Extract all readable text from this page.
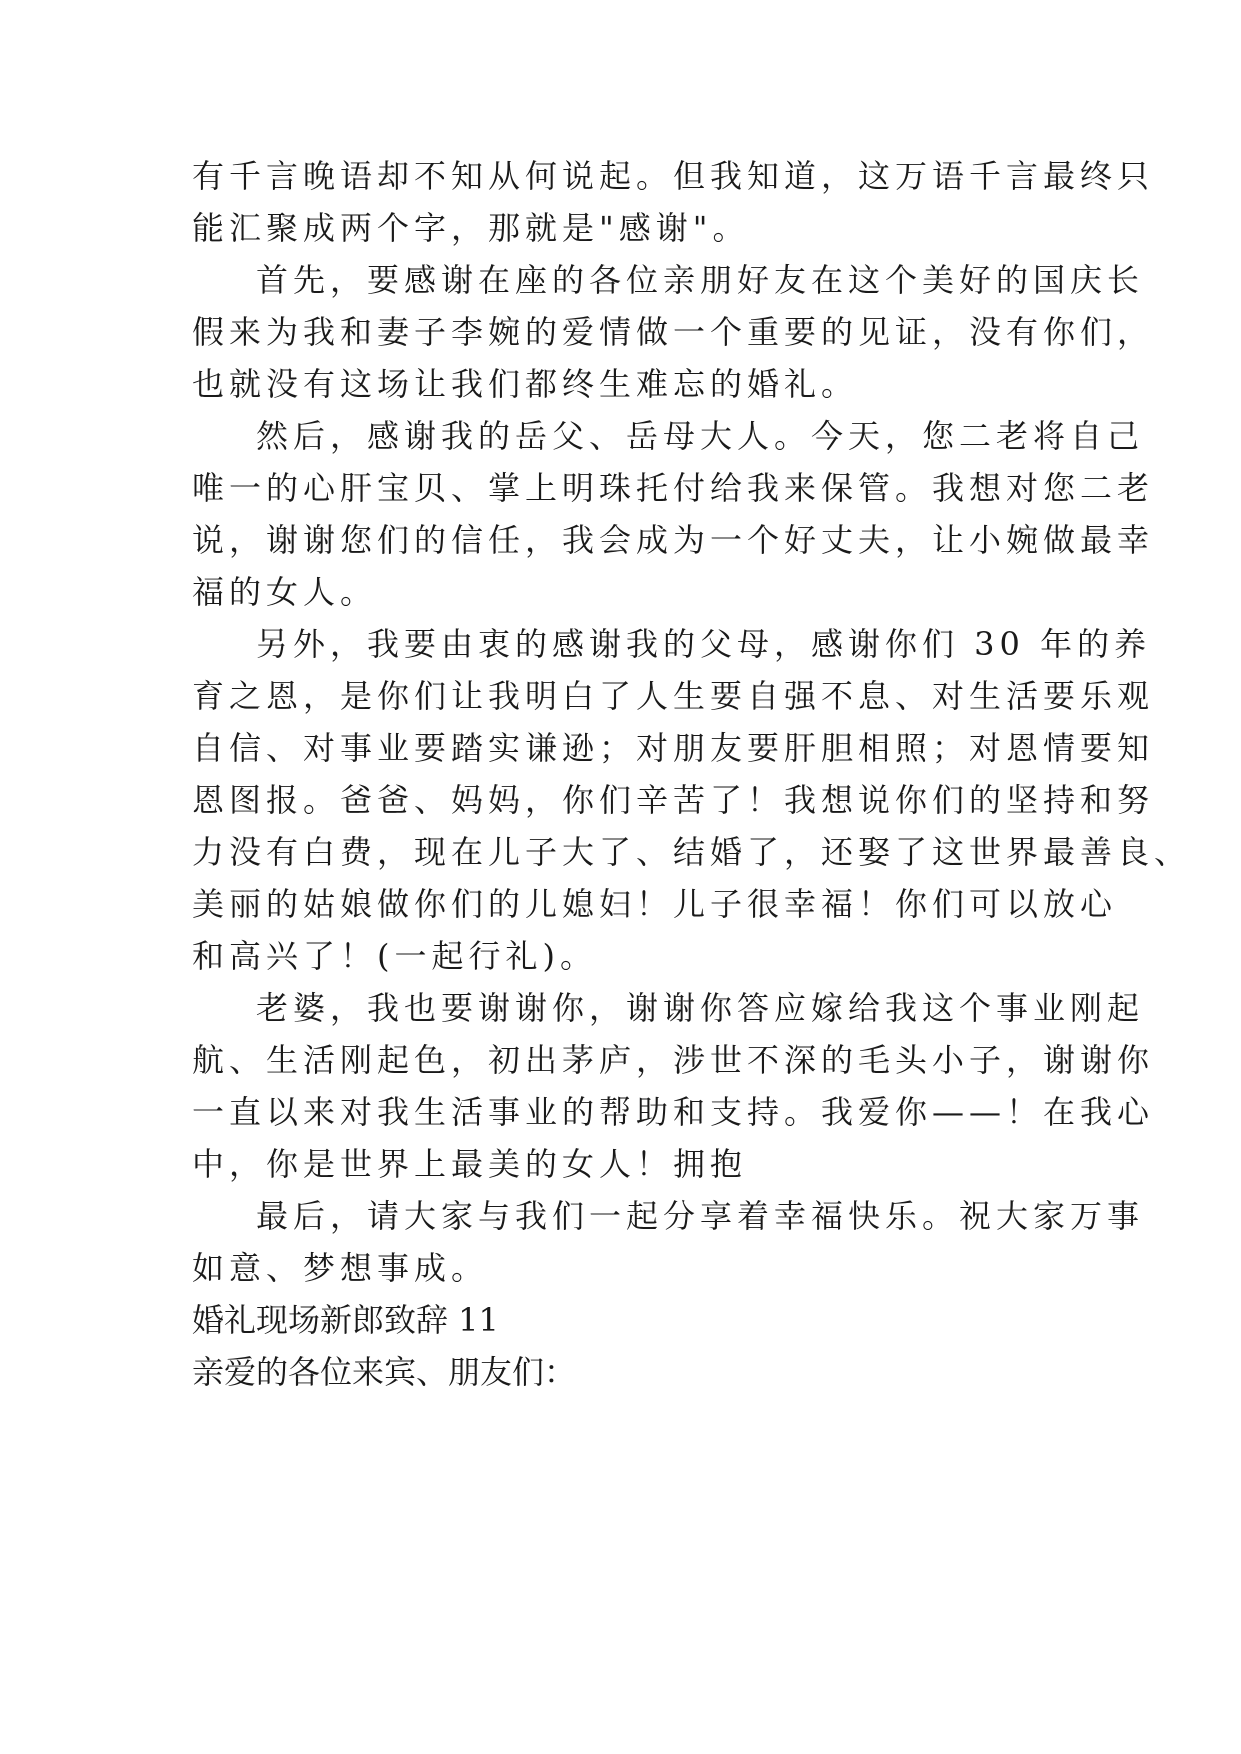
有千言晚语却不知从何说起。但我知道，这万语千言最终只
能汇聚成两个字，那就是"感谢"。
首先，要感谢在座的各位亲朋好友在这个美好的国庆长
假来为我和妻子李婉的爱情做一个重要的见证，没有你们，
也就没有这场让我们都终生难忘的婚礼。
然后，感谢我的岳父、岳母大人。今天，您二老将自己
唯一的心肝宝贝、掌上明珠托付给我来保管。我想对您二老
说，谢谢您们的信任，我会成为一个好丈夫，让小婉做最幸
福的女人。
另外，我要由衷的感谢我的父母，感谢你们 30 年的养
育之恩，是你们让我明白了人生要自强不息、对生活要乐观
自信、对事业要踏实谦逊；对朋友要肝胆相照；对恩情要知
恩图报。爸爸、妈妈，你们辛苦了！我想说你们的坚持和努
力没有白费，现在儿子大了、结婚了，还娶了这世界最善良、
美丽的姑娘做你们的儿媳妇！儿子很幸福！你们可以放心
和高兴了！(一起行礼)。
老婆，我也要谢谢你，谢谢你答应嫁给我这个事业刚起
航、生活刚起色，初出茅庐，涉世不深的毛头小子，谢谢你
一直以来对我生活事业的帮助和支持。我爱你——！在我心
中，你是世界上最美的女人！拥抱
最后，请大家与我们一起分享着幸福快乐。祝大家万事
如意、梦想事成。
婚礼现场新郎致辞 11
亲爱的各位来宾、朋友们：
